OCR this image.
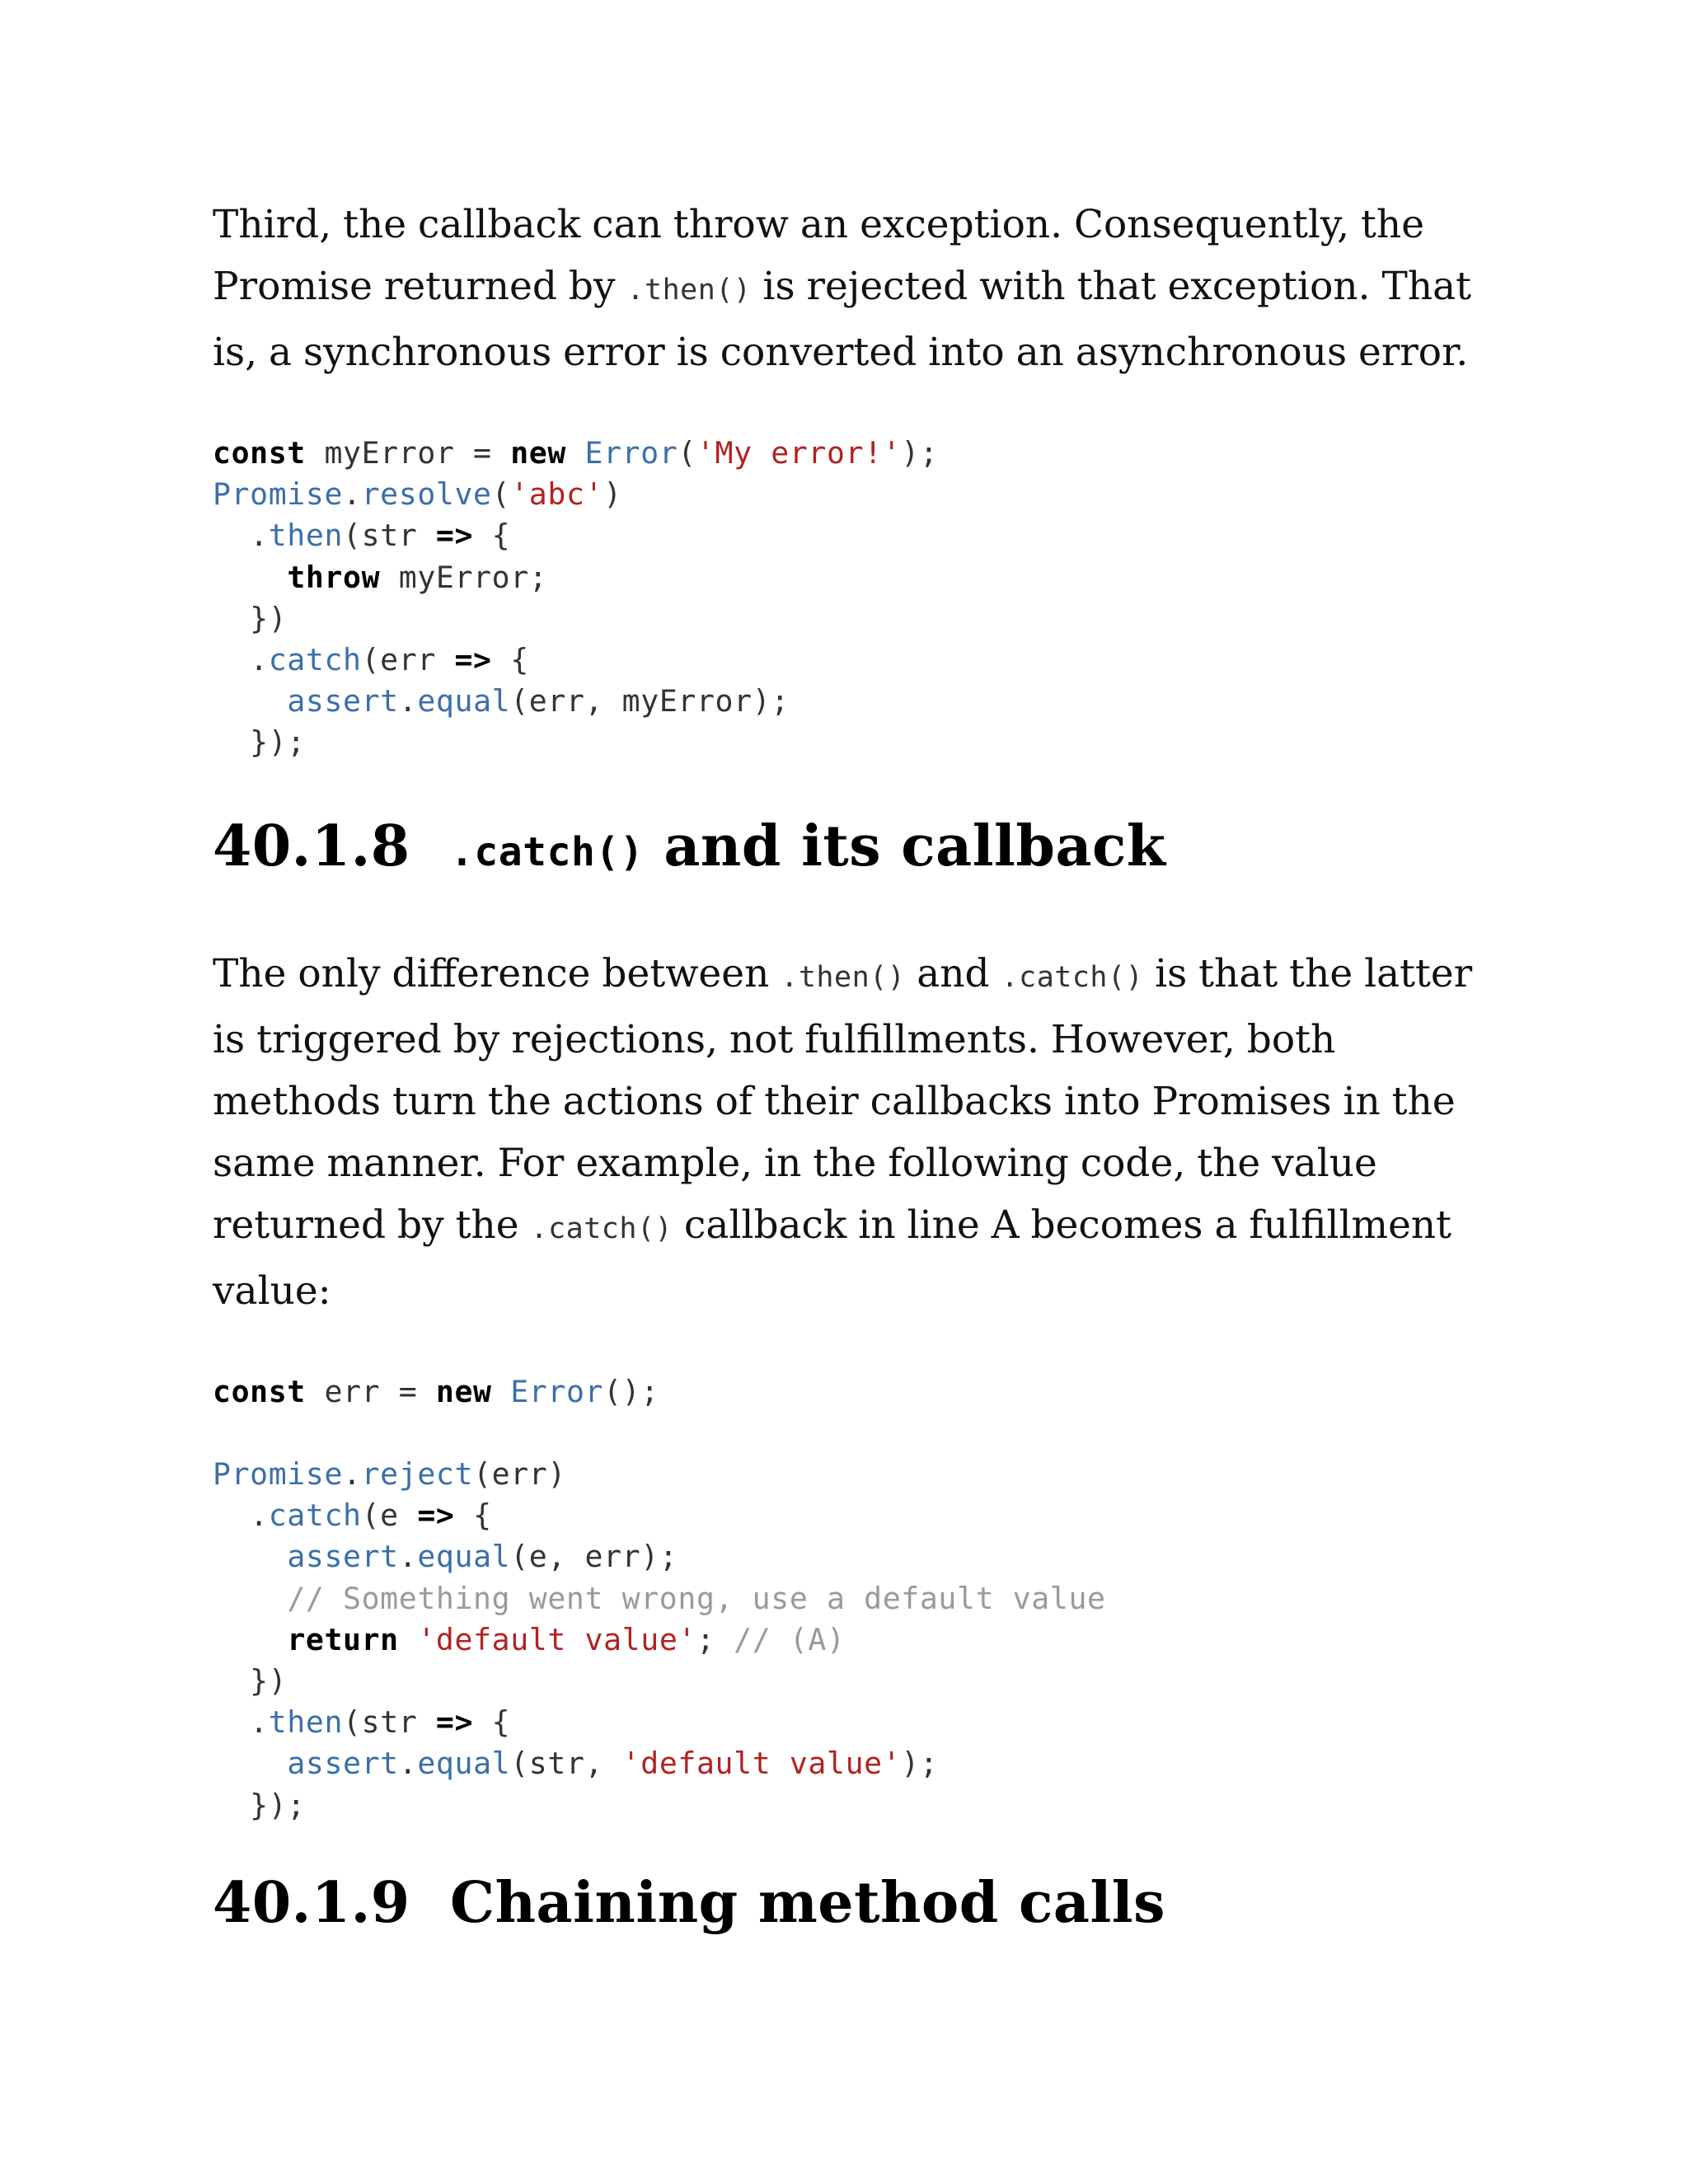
Third, the callback can throw an exception. Consequently, the Promise returned by .then() is rejected with that exception. That is, a synchronous error is converted into an asynchronous error.

const myError = new Error('My error!');
Promise.resolve('abc')
.then(str => {
throw myError;
})
.catch(err => {
assert.equal(err, myError);
});
40.1.8 .catch() and its callback

The only difference between .then() and .catch() is that the latter is triggered by rejections, not fulfillments. However, both methods turn the actions of their callbacks into Promises in the same manner. For example, in the following code, the value returned by the .catch() callback in line A becomes a fulfillment value:

const err = new Error();

Promise.reject(err)
.catch(e => {
assert.equal(e, err);
// Something went wrong, use a default value
return 'default value'; // (A)
})
.then(str => {
assert.equal(str, 'default value');
});
40.1.9 Chaining method calls
